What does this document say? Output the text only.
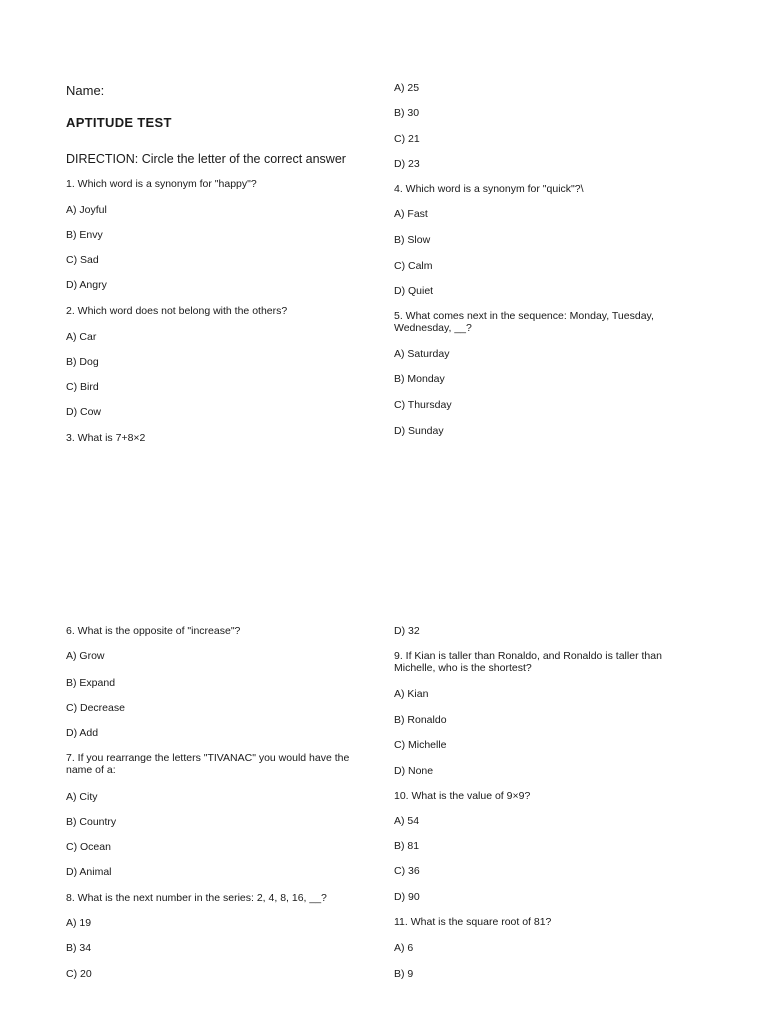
Name:
APTITUDE TEST
DIRECTION: Circle the letter of the correct answer
1. Which word is a synonym for "happy"?
A) Joyful
B) Envy
C) Sad
D) Angry
2. Which word does not belong with the others?
A) Car
B) Dog
C) Bird
D) Cow
3. What is 7+8×2
A) 25
B) 30
C) 21
D) 23
4. Which word is a synonym for "quick"?\
A) Fast
B) Slow
C) Calm
D) Quiet
5. What comes next in the sequence: Monday, Tuesday, Wednesday, __?
A) Saturday
B) Monday
C) Thursday
D) Sunday
6. What is the opposite of "increase"?
A) Grow
B) Expand
C) Decrease
D) Add
7. If you rearrange the letters "TIVANAC" you would have the name of a:
A) City
B) Country
C) Ocean
D) Animal
8. What is the next number in the series: 2, 4, 8, 16, __?
A) 19
B) 34
C) 20
D) 32
9. If Kian is taller than Ronaldo, and Ronaldo is taller than Michelle, who is the shortest?
A) Kian
B) Ronaldo
C) Michelle
D) None
10. What is the value of 9×9?
A) 54
B) 81
C) 36
D) 90
11. What is the square root of 81?
A) 6
B) 9
